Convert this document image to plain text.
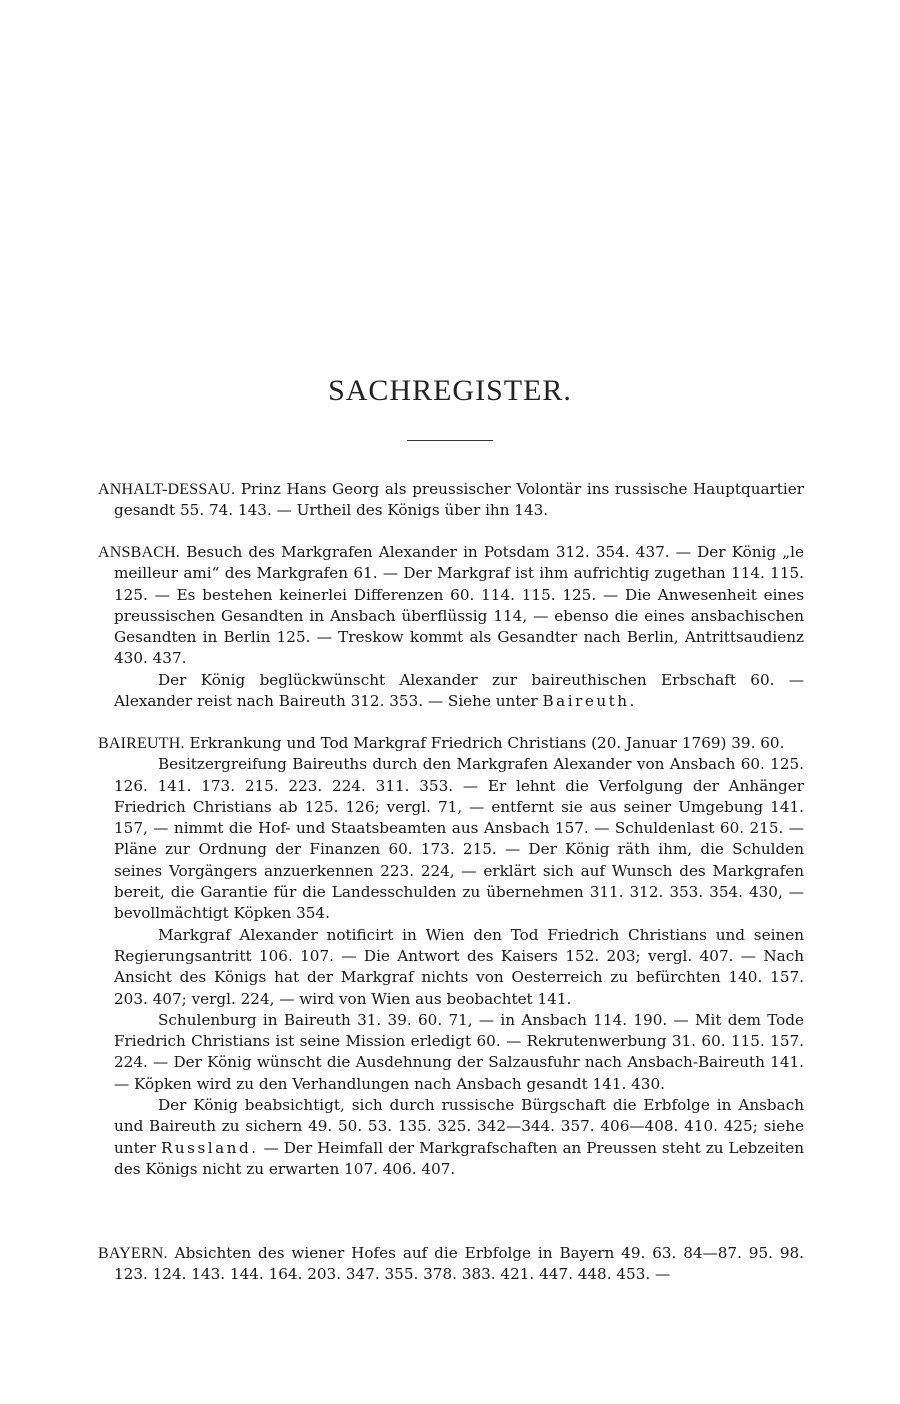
SACHREGISTER.

ANHALT-DESSAU. Prinz Hans Georg als preussischer Volontär ins russische Hauptquartier gesandt 55. 74. 143. — Urtheil des Königs über ihn 143.

ANSBACH. Besuch des Markgrafen Alexander in Potsdam 312. 354. 437. — Der König „le meilleur ami“ des Markgrafen 61. — Der Markgraf ist ihm aufrichtig zugethan 114. 115. 125. — Es bestehen keinerlei Differenzen 60. 114. 115. 125. — Die Anwesenheit eines preussischen Gesandten in Ansbach überflüssig 114, — ebenso die eines ansbachischen Gesandten in Berlin 125. — Treskow kommt als Gesandter nach Berlin, Antrittsaudienz 430. 437.

Der König beglückwünscht Alexander zur baireuthischen Erbschaft 60. — Alexander reist nach Baireuth 312. 353. — Siehe unter Baireuth.

BAIREUTH. Erkrankung und Tod Markgraf Friedrich Christians (20. Januar 1769) 39. 60.

Besitzergreifung Baireuths durch den Markgrafen Alexander von Ansbach 60. 125. 126. 141. 173. 215. 223. 224. 311. 353. — Er lehnt die Verfolgung der Anhänger Friedrich Christians ab 125. 126; vergl. 71, — entfernt sie aus seiner Umgebung 141. 157, — nimmt die Hof- und Staatsbeamten aus Ansbach 157. — Schuldenlast 60. 215. — Pläne zur Ordnung der Finanzen 60. 173. 215. — Der König räth ihm, die Schulden seines Vorgängers anzuerkennen 223. 224, — erklärt sich auf Wunsch des Markgrafen bereit, die Garantie für die Landesschulden zu übernehmen 311. 312. 353. 354. 430, — bevollmächtigt Köpken 354.

Markgraf Alexander notificirt in Wien den Tod Friedrich Christians und seinen Regierungsantritt 106. 107. — Die Antwort des Kaisers 152. 203; vergl. 407. — Nach Ansicht des Königs hat der Markgraf nichts von Oesterreich zu befürchten 140. 157. 203. 407; vergl. 224, — wird von Wien aus beobachtet 141.

Schulenburg in Baireuth 31. 39. 60. 71, — in Ansbach 114. 190. — Mit dem Tode Friedrich Christians ist seine Mission erledigt 60. — Rekrutenwerbung 31. 60. 115. 157. 224. — Der König wünscht die Ausdehnung der Salzausfuhr nach Ansbach-Baireuth 141. — Köpken wird zu den Verhandlungen nach Ansbach gesandt 141. 430.

Der König beabsichtigt, sich durch russische Bürgschaft die Erbfolge in Ansbach und Baireuth zu sichern 49. 50. 53. 135. 325. 342—344. 357. 406—408. 410. 425; siehe unter Russland. — Der Heimfall der Markgrafschaften an Preussen steht zu Lebzeiten des Königs nicht zu erwarten 107. 406. 407.

BAYERN. Absichten des wiener Hofes auf die Erbfolge in Bayern 49. 63. 84—87. 95. 98. 123. 124. 143. 144. 164. 203. 347. 355. 378. 383. 421. 447. 448. 453. —
